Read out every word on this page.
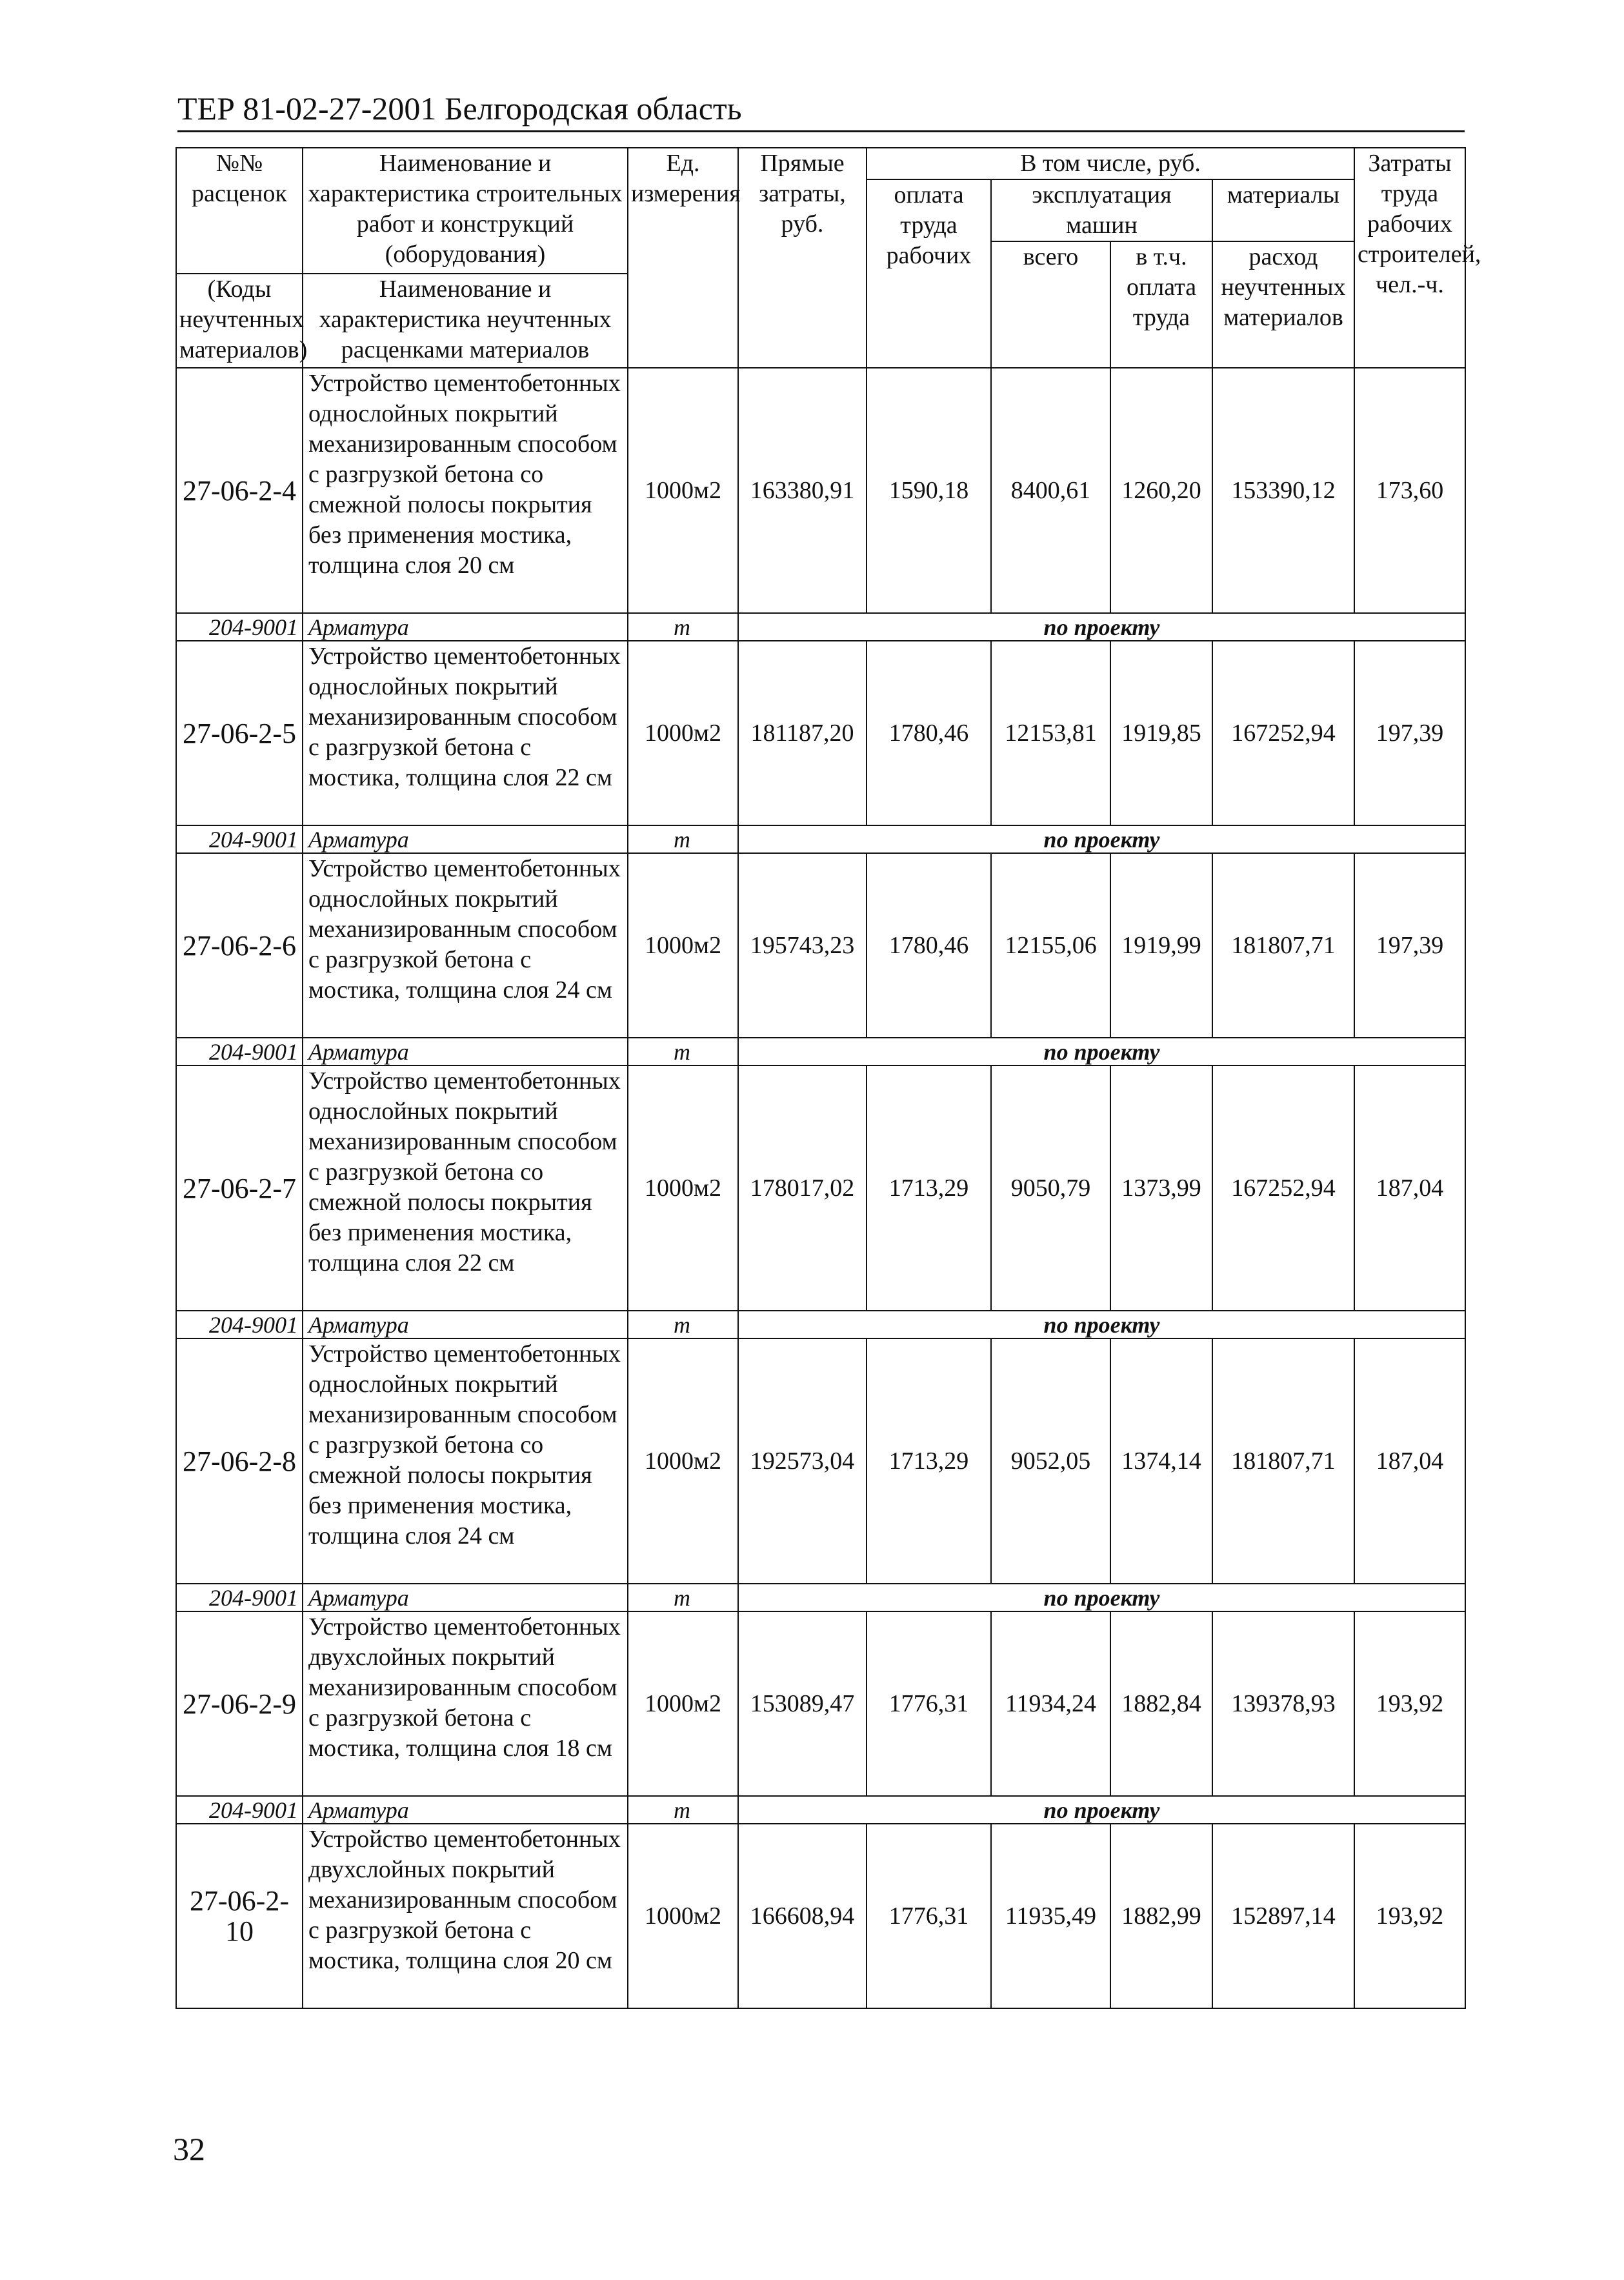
ТЕР 81-02-27-2001 Белгородская область
№№ расценок	Наименование и характеристика строительных работ и конструкций (оборудования)	Ед. измерения	Прямые затраты, руб.	В том числе, руб.				Затраты труда рабочих строителей, чел.-ч.
				оплата труда рабочих	эксплуатация машин		материалы	
					всего	в т.ч. оплата труда	расход неучтенных материалов	
(Коды неучтенных материалов)	Наименование и характеристика неучтенных расценками материалов							

27-06-2-4	Устройство цементобетонных однослойных покрытий механизированным способом с разгрузкой бетона со смежной полосы покрытия без применения мостика, толщина слоя 20 см	1000м2	163380,91	1590,18	8400,61	1260,20	153390,12	173,60
204-9001	Арматура	т	по проекту					
27-06-2-5	Устройство цементобетонных однослойных покрытий механизированным способом с разгрузкой бетона с мостика, толщина слоя 22 см	1000м2	181187,20	1780,46	12153,81	1919,85	167252,94	197,39
204-9001	Арматура	т	по проекту					
27-06-2-6	Устройство цементобетонных однослойных покрытий механизированным способом с разгрузкой бетона с мостика, толщина слоя 24 см	1000м2	195743,23	1780,46	12155,06	1919,99	181807,71	197,39
204-9001	Арматура	т	по проекту					
27-06-2-7	Устройство цементобетонных однослойных покрытий механизированным способом с разгрузкой бетона со смежной полосы покрытия без применения мостика, толщина слоя 22 см	1000м2	178017,02	1713,29	9050,79	1373,99	167252,94	187,04
204-9001	Арматура	т	по проекту					
27-06-2-8	Устройство цементобетонных однослойных покрытий механизированным способом с разгрузкой бетона со смежной полосы покрытия без применения мостика, толщина слоя 24 см	1000м2	192573,04	1713,29	9052,05	1374,14	181807,71	187,04
204-9001	Арматура	т	по проекту					
27-06-2-9	Устройство цементобетонных двухслойных покрытий механизированным способом с разгрузкой бетона с мостика, толщина слоя 18 см	1000м2	153089,47	1776,31	11934,24	1882,84	139378,93	193,92
204-9001	Арматура	т	по проекту					
27-06-2-10	Устройство цементобетонных двухслойных покрытий механизированным способом с разгрузкой бетона с мостика, толщина слоя 20 см	1000м2	166608,94	1776,31	11935,49	1882,99	152897,14	193,92
32
